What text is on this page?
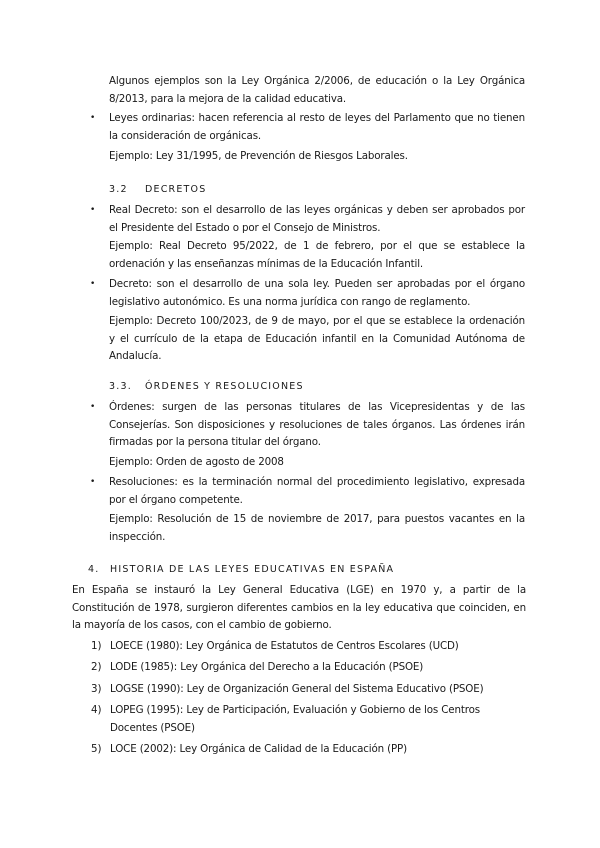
Algunos ejemplos son la Ley Orgánica 2/2006, de educación o la Ley Orgánica 8/2013, para la mejora de la calidad educativa.

• Leyes ordinarias: hacen referencia al resto de leyes del Parlamento que no tienen la consideración de orgánicas.

Ejemplo: Ley 31/1995, de Prevención de Riesgos Laborales.

3.2 DECRETOS
• Real Decreto: son el desarrollo de las leyes orgánicas y deben ser aprobados por el Presidente del Estado o por el Consejo de Ministros.

Ejemplo: Real Decreto 95/2022, de 1 de febrero, por el que se establece la ordenación y las enseñanzas mínimas de la Educación Infantil.

• Decreto: son el desarrollo de una sola ley. Pueden ser aprobadas por el órgano legislativo autonómico. Es una norma jurídica con rango de reglamento.

Ejemplo: Decreto 100/2023, de 9 de mayo, por el que se establece la ordenación y el currículo de la etapa de Educación infantil en la Comunidad Autónoma de Andalucía.

3.3. ÓRDENES Y RESOLUCIONES
• Órdenes: surgen de las personas titulares de las Vicepresidentas y de las Consejerías. Son disposiciones y resoluciones de tales órganos. Las órdenes irán firmadas por la persona titular del órgano.

Ejemplo: Orden de agosto de 2008

• Resoluciones: es la terminación normal del procedimiento legislativo, expresada por el órgano competente.

Ejemplo: Resolución de 15 de noviembre de 2017, para puestos vacantes en la inspección.

4. HISTORIA DE LAS LEYES EDUCATIVAS EN ESPAÑA

En España se instauró la Ley General Educativa (LGE) en 1970 y, a partir de la Constitución de 1978, surgieron diferentes cambios en la ley educativa que coinciden, en la mayoría de los casos, con el cambio de gobierno.

1) LOECE (1980): Ley Orgánica de Estatutos de Centros Escolares (UCD)

2) LODE (1985): Ley Orgánica del Derecho a la Educación (PSOE)

3) LOGSE (1990): Ley de Organización General del Sistema Educativo (PSOE)

4) LOPEG (1995): Ley de Participación, Evaluación y Gobierno de los Centros Docentes (PSOE)

5) LOCE (2002): Ley Orgánica de Calidad de la Educación (PP)
